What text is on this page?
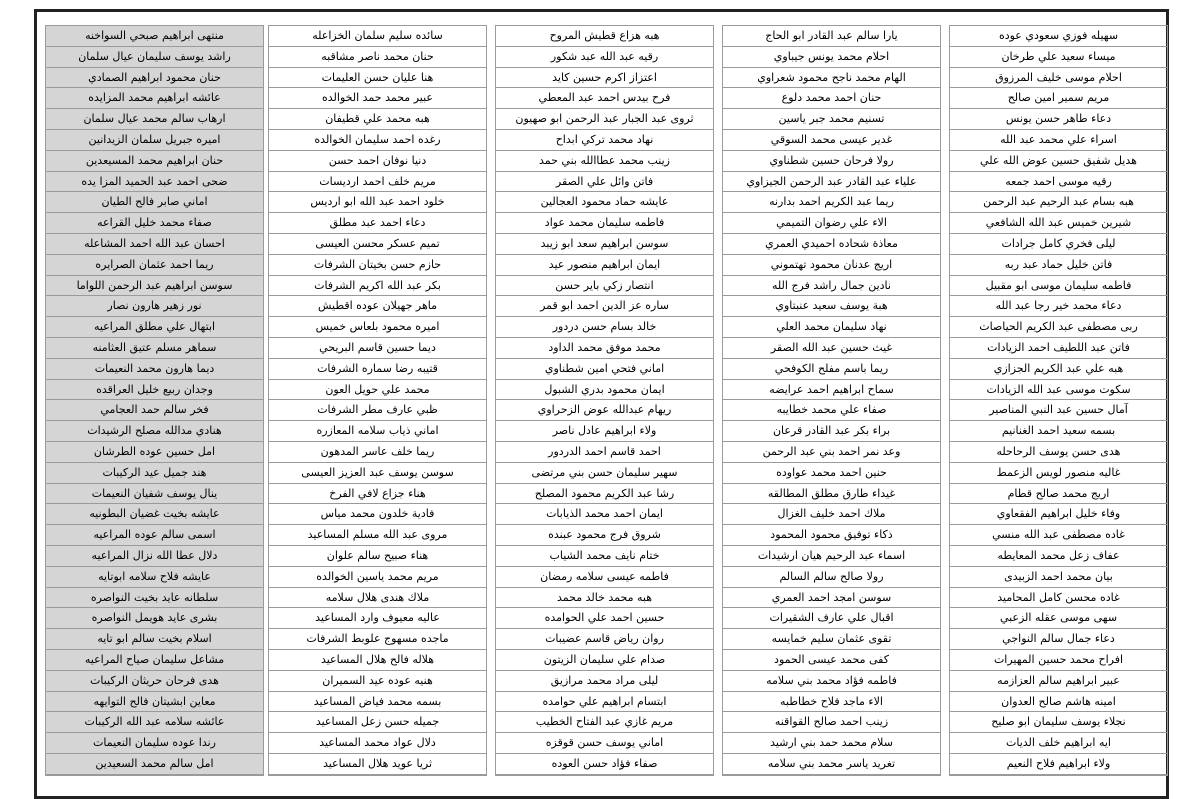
منتهى ابراهيم صبحي السواخنه
راشد يوسف سليمان عيال سلمان
حنان محمود ابراهيم الصمادي
عائشه ابراهيم محمد المزايده
ارهاب سالم محمد عيال سلمان
اميره جبريل سلمان الزيدانين
حنان ابراهيم محمد المسيعدين
ضحى احمد عبد الحميد المزا يده
اماني صابر فالح الطيان
صفاء محمد خليل القراعه
احسان عبد الله احمد المشاعله
ريما احمد عثمان الصرايره
سوسن ابراهيم عبد الرحمن اللواما
نور زهير هارون نصار
ابتهال علي مطلق المراعيه
سماهر مسلم عتيق العثامنه
ديما هارون محمد النعيمات
وجدان ربيع خليل العراقده
فخر سالم حمد العجامي
هنادي مدالله مصلح الرشيدات
امل حسين عوده الطرشان
هند جميل عيد الركيبات
ينال يوسف شفيان النعيمات
عايشه بخيت غضيان البطونيه
اسمى سالم عوده المراعيه
دلال عطا الله نزال المراعيه
عايشه فلاح سلامه ابوتايه
سلطانه عايد بخيت النواصره
بشرى عايد هويمل النواصره
اسلام بخيت سالم ابو تايه
مشاعل سليمان صياح المراعيه
هدى فرحان حريثان الركيبات
معاين ابشيتان فالح التوايهه
عائشه سلامه عبد الله الركيبات
رندا عوده سليمان النعيمات
امل سالم محمد السعيدين
سائده سليم سلمان الخزاعله
حنان محمد ناصر مشاقبه
هنا عليان حسن العليمات
عبير محمد حمد الخوالده
هبه محمد علي قطيفان
رغده احمد سليمان الخوالده
دنيا نوفان احمد حسن
مريم خلف احمد ارديسات
خلود احمد عبد الله ابو ارديس
دعاء احمد عبد مطلق
تميم عسكر محسن العيسى
حازم حسن بخيتان الشرفات
بكر عبد الله اكريم الشرفات
ماهر جهيلان عوده اقطيش
اميره محمود بلعاس خميس
ديما حسين قاسم البريحي
قتيبه رضا سماره الشرفات
محمد علي حويل العون
ظبي عارف مطر الشرفات
اماني ذياب سلامه المعازره
ريما خلف عاسر المدهون
سوسن يوسف عبد العزيز العيسى
هناء جزاع لافي الفرخ
فادية خلدون محمد مياس
مروى عبد الله مسلم المساعيد
هناء صبيح سالم علوان
مريم محمد ياسين الخوالده
ملاك هندى هلال سلامه
عاليه معيوف وارد المساعيد
ماجده مسهوج علوبط الشرفات
هلاله فالح هلال المساعيد
هنيه عوده عيد السميران
بسمه محمد فياض المساعيد
جميله حسن زعل المساعيد
دلال عواد محمد المساعيد
ثريا عويد هلال المساعيد
هبه هزاع قطيش المروح
رقيه عبد الله عبد شكور
اعتزاز اكرم حسين كايد
فرح بيدس احمد عبد المعطي
ثروى عبد الجبار عبد الرحمن ابو صهيون
نهاد محمد تركي ابداح
زينب محمد عطاالله بني حمد
فاتن وائل علي الصقر
عايشه حماد محمود العجالين
فاطمه سليمان محمد عواد
سوسن ابراهيم سعد ابو زيبد
ايمان ابراهيم منصور عيد
انتصار زكي باير حسن
ساره عز الدين احمد ابو قمر
خالد بسام حسن دردور
محمد موفق محمد الداود
اماني فتحي امين شطناوي
ايمان محمود بدري الشبول
ريهام عبدالله عوض الزحراوي
ولاء ابراهيم عادل ناصر
احمد قاسم احمد الدردور
سهير سليمان حسن بني مرتضى
رشا عبد الكريم محمود المصلح
ايمان احمد محمد الذيابات
شروق فرج محمود عبنده
ختام نايف محمد الشياب
فاطمه عيسى سلامه رمضان
هبه محمد خالد محمد
حسين احمد علي الحوامده
روان رياض قاسم عضيبات
صدام علي سليمان الزيتون
ليلى مراد محمد مرازيق
ابتسام ابراهيم علي حوامده
مريم غازي عبد الفتاح الخطيب
اماني يوسف حسن قوقزه
صفاء فؤاد حسن العوده
يارا سالم عبد القادر ابو الحاج
احلام محمد يونس جيباوي
الهام محمد ناجح محمود شعراوي
حنان احمد محمد دلوع
تسنيم محمد جبر ياسين
غدير عيسى محمد السوقي
رولا فرحان حسين شطناوي
علياء عبد القادر عبد الرحمن الجيزاوي
ريما عبد الكريم احمد بدارنه
الاء علي رضوان التميمي
معاذة شحاده احميدي العمري
اريج عدنان محمود تهتموني
نادين جمال راشد فرج الله
هبة يوسف سعيد عنبتاوي
نهاد سليمان محمد العلي
غيث حسين عبد الله الصقر
ريما باسم مفلح الكوفحي
سماح ابراهيم احمد عرايضه
صفاء علي محمد خطايبه
براء بكر عبد القادر قرعان
وعد نمر احمد بني عبد الرحمن
حنين احمد محمد عواوده
غيداء طارق مطلق المطالقه
ملاك احمد خليف الغزال
ذكاء توفيق محمود المحمود
اسماء عبد الرحيم هيان ارشيدات
رولا صالح سالم السالم
سوسن امجد احمد العمري
اقبال علي عارف الشقيرات
تقوى عثمان سليم خمايسه
كفى محمد عيسى الحمود
فاطمه فؤاد محمد بني سلامه
الاء ماجد فلاح خطاطبه
زينب احمد صالح القواقنه
سلام محمد حمد بني ارشيد
تغريد ياسر محمد بني سلامه
سهيله فوزي سعودي عوده
ميساء سعيد علي طرخان
احلام موسى خليف المرزوق
مريم سمير امين صالح
دعاء طاهر حسن يونس
اسراء علي محمد عبد الله
هديل شفيق حسين عوض الله علي
رقيه موسى احمد جمعه
هبه بسام عبد الرحيم عبد الرحمن
شيرين خميس عبد الله الشافعي
ليلى فخري كامل جرادات
فاتن خليل حماد عبد ربه
فاطمه سليمان موسى ابو مقبيل
دعاء محمد خير رجا عبد الله
ربى مصطفى عبد الكريم الحياصات
فاتن عبد اللطيف احمد الزيادات
هبه علي عبد الكريم الجزازي
سكوت موسى عبد الله الزيادات
آمال حسين عبد النبي المناصير
بسمه سعيد احمد الغنانيم
هدى حسن يوسف الرحاحله
غاليه منصور لويس الزعمط
اريج محمد صالح قطام
وفاء خليل ابراهيم الفقعاوي
غاده مصطفى عبد الله منسي
عفاف زعل محمد المعايطه
بيان محمد احمد الزبيدى
غاده محسن كامل المحاميد
سهى موسى عقله الزعبي
دعاء جمال سالم النواجي
افراح محمد حسين المهيرات
عبير ابراهيم سالم العزازمه
امينه هاشم صالح العدوان
نجلاء يوسف سليمان ابو صليح
ايه ابراهيم خلف الديات
ولاء ابراهيم فلاح النعيم
